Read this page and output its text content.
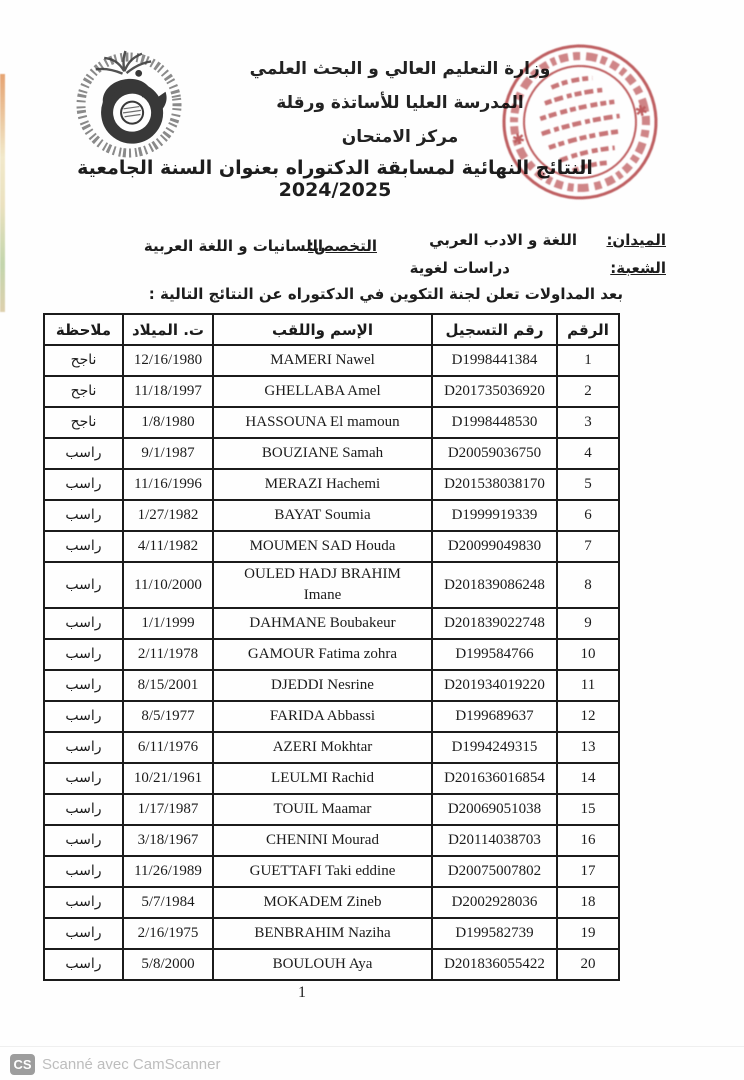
✱
✱
وزارة التعليم العالي و البحث العلمي
المدرسة العليا للأساتذة ورقلة
مركز الامتحان
النتائج النهائية لمسابقة الدكتوراه بعنوان السنة الجامعية 2024/2025
الميدان:
اللغة و الادب العربي
التخصص:
اللسانيات و اللغة العربية
الشعبة:
دراسات لغوية
بعد المداولات تعلن لجنة التكوين في الدكتوراه عن النتائج التالية :
الرقم	رقم التسجيل	الإسم واللقب	ت. الميلاد	ملاحظة
1	D1998441384	MAMERI Nawel	12/16/1980	ناجح
2	D201735036920	GHELLABA Amel	11/18/1997	ناجح
3	D1998448530	HASSOUNA El mamoun	1/8/1980	ناجح
4	D20059036750	BOUZIANE Samah	9/1/1987	راسب
5	D201538038170	MERAZI Hachemi	11/16/1996	راسب
6	D1999919339	BAYAT Soumia	1/27/1982	راسب
7	D20099049830	MOUMEN SAD Houda	4/11/1982	راسب
8	D201839086248	OULED HADJ BRAHIM Imane	11/10/2000	راسب
9	D201839022748	DAHMANE Boubakeur	1/1/1999	راسب
10	D199584766	GAMOUR Fatima zohra	2/11/1978	راسب
11	D201934019220	DJEDDI Nesrine	8/15/2001	راسب
12	D199689637	FARIDA Abbassi	8/5/1977	راسب
13	D1994249315	AZERI Mokhtar	6/11/1976	راسب
14	D201636016854	LEULMI Rachid	10/21/1961	راسب
15	D20069051038	TOUIL Maamar	1/17/1987	راسب
16	D20114038703	CHENINI Mourad	3/18/1967	راسب
17	D20075007802	GUETTAFI Taki eddine	11/26/1989	راسب
18	D2002928036	MOKADEM Zineb	5/7/1984	راسب
19	D199582739	BENBRAHIM Naziha	2/16/1975	راسب
20	D201836055422	BOULOUH Aya	5/8/2000	راسب
1
CS Scanné avec CamScanner
